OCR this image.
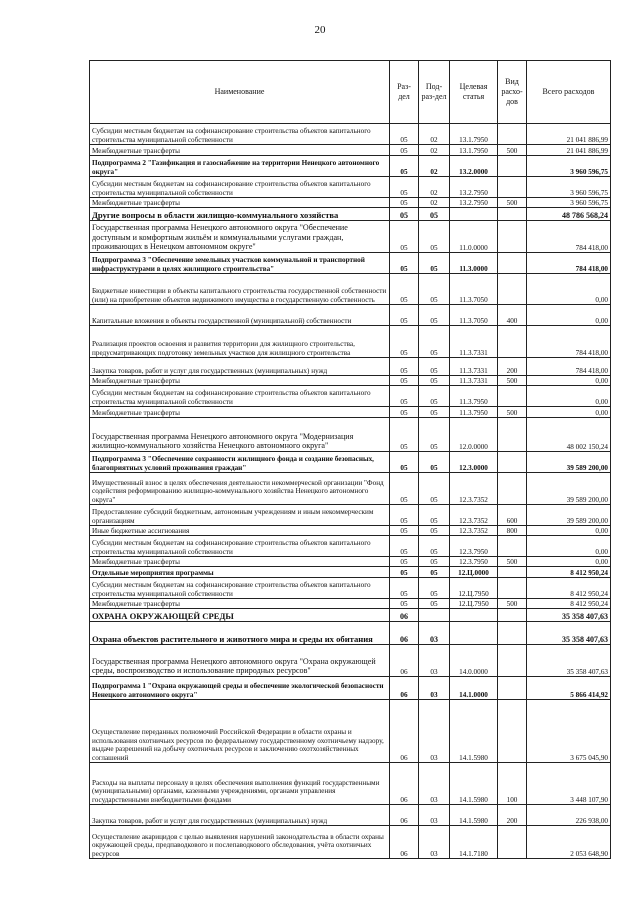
20
Наименование	Раз-дел	Под-раз-дел	Целевая статья	Вид расхо-дов	Всего расходов
Субсидии местным бюджетам на софинансирование строительства объектов капитального строительства муниципальной собственности	05	02	13.1.7950		21 041 886,99
Межбюджетные трансферты	05	02	13.1.7950	500	21 041 886,99
Подпрограмма 2 "Газификация и газоснабжение на территории Ненецкого автономного округа"	05	02	13.2.0000		3 960 596,75
Субсидии местным бюджетам на софинансирование строительства объектов капитального строительства муниципальной собственности	05	02	13.2.7950		3 960 596,75
Межбюджетные трансферты	05	02	13.2.7950	500	3 960 596,75
Другие вопросы в области жилищно-коммунального хозяйства	05	05			48 786 568,24
Государственная программа Ненецкого автономного округа "Обеспечение доступным и комфортным жильём и коммунальными услугами граждан, проживающих в Ненецком автономном округе"	05	05	11.0.0000		784 418,00
Подпрограмма 3 "Обеспечение земельных участков коммунальной и транспортной инфраструктурами в целях жилищного строительства"	05	05	11.3.0000		784 418,00
Бюджетные инвестиции в объекты капитального строительства государственной собственности (или) на приобретение объектов недвижимого имущества в государственную собственность	05	05	11.3.7050		0,00
Капитальные вложения в объекты государственной (муниципальной) собственности	05	05	11.3.7050	400	0,00
Реализация проектов освоения и развития территории для жилищного строительства, предусматривающих подготовку земельных участков для жилищного строительства	05	05	11.3.7331		784 418,00
Закупка товаров, работ и услуг для государственных (муниципальных) нужд	05	05	11.3.7331	200	784 418,00
Межбюджетные трансферты	05	05	11.3.7331	500	0,00
Субсидии местным бюджетам на софинансирование строительства объектов капитального строительства муниципальной собственности	05	05	11.3.7950		0,00
Межбюджетные трансферты	05	05	11.3.7950	500	0,00
Государственная программа Ненецкого автономного округа "Модернизация жилищно-коммунального хозяйства Ненецкого автономного округа"	05	05	12.0.0000		48 002 150,24
Подпрограмма 3 "Обеспечение сохранности жилищного фонда и создание безопасных, благоприятных условий проживания граждан"	05	05	12.3.0000		39 589 200,00
Имущественный взнос в целях обеспечения деятельности некоммерческой организации "Фонд содействия реформированию жилищно-коммунального хозяйства Ненецкого автономного округа"	05	05	12.3.7352		39 589 200,00
Предоставление субсидий бюджетным, автономным учреждениям и иным некоммерческим организациям	05	05	12.3.7352	600	39 589 200,00
Иные бюджетные ассигнования	05	05	12.3.7352	800	0,00
Субсидии местным бюджетам на софинансирование строительства объектов капитального строительства муниципальной собственности	05	05	12.3.7950		0,00
Межбюджетные трансферты	05	05	12.3.7950	500	0,00
Отдельные мероприятия программы	05	05	12.Ц.0000		8 412 950,24
Субсидии местным бюджетам на софинансирование строительства объектов капитального строительства муниципальной собственности	05	05	12.Ц.7950		8 412 950,24
Межбюджетные трансферты	05	05	12.Ц.7950	500	8 412 950,24
ОХРАНА ОКРУЖАЮЩЕЙ СРЕДЫ	06				35 358 407,63
Охрана объектов растительного и животного мира и среды их обитания	06	03			35 358 407,63
Государственная программа Ненецкого автономного округа "Охрана окружающей среды, воспроизводство и использование природных ресурсов"	06	03	14.0.0000		35 358 407,63
Подпрограмма 1 "Охрана окружающей среды и обеспечение экологической безопасности Ненецкого автономного округа"	06	03	14.1.0000		5 866 414,92
Осуществление переданных полномочий Российской Федерации в области охраны и использования охотничьих ресурсов по федеральному государственному охотничьему надзору, выдаче разрешений на добычу охотничьих ресурсов и заключению охотхозяйственных соглашений	06	03	14.1.5980		3 675 045,90
Расходы на выплаты персоналу в целях обеспечения выполнения функций государственными (муниципальными) органами, казенными учреждениями, органами управления государственными внебюджетными фондами	06	03	14.1.5980	100	3 448 107,90
Закупка товаров, работ и услуг для государственных (муниципальных) нужд	06	03	14.1.5980	200	226 938,00
Осуществление акарицидов с целью выявления нарушений законодательства в области охраны окружающей среды, предпаводкового и послепаводкового обследования, учёта охотничьих ресурсов	06	03	14.1.7180		2 053 648,90
